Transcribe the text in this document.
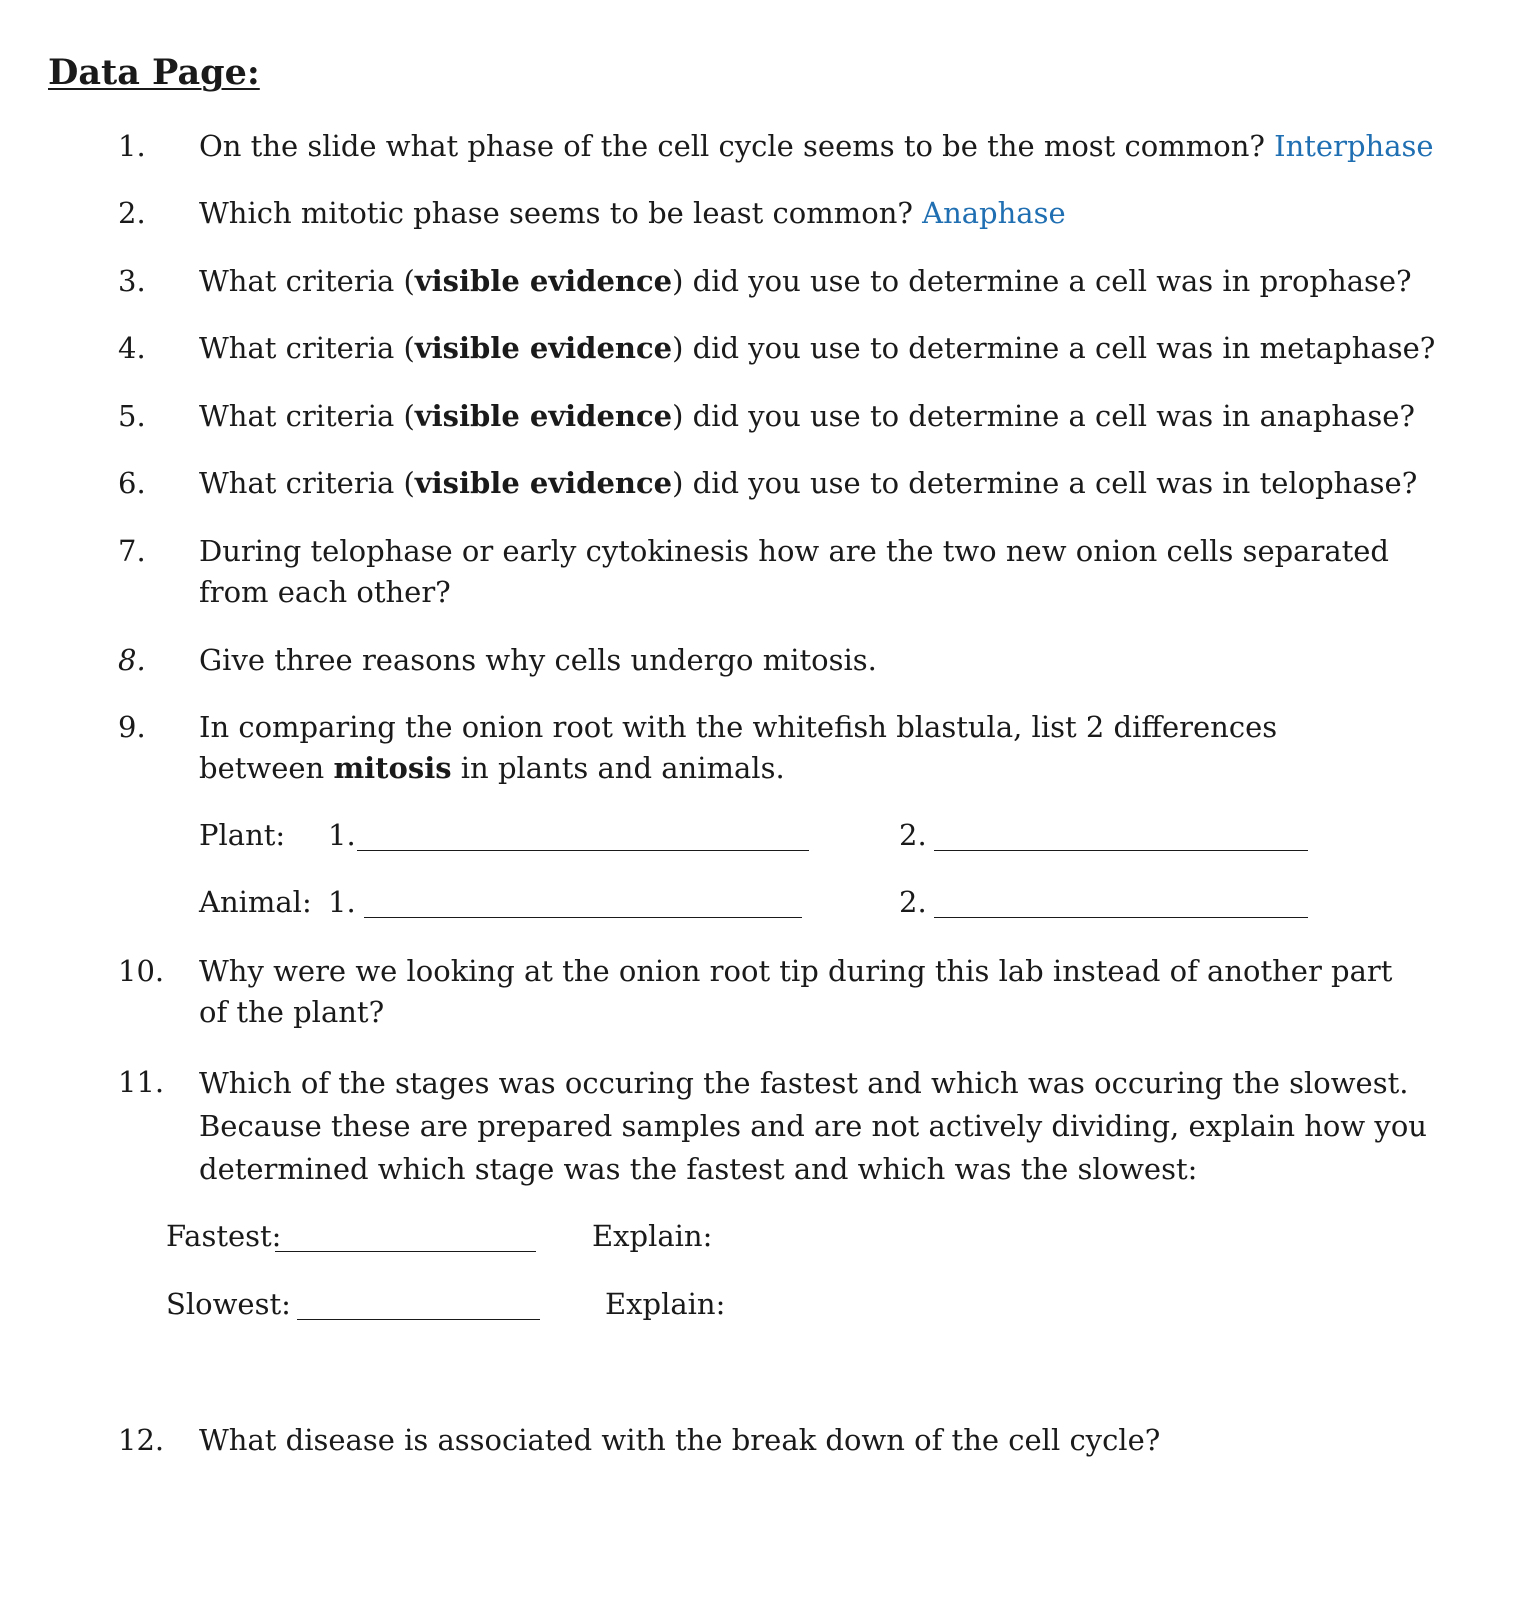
Data Page:
1. On the slide what phase of the cell cycle seems to be the most common? Interphase
2. Which mitotic phase seems to be least common? Anaphase
3. What criteria (visible evidence) did you use to determine a cell was in prophase?
4. What criteria (visible evidence) did you use to determine a cell was in metaphase?
5. What criteria (visible evidence) did you use to determine a cell was in anaphase?
6. What criteria (visible evidence) did you use to determine a cell was in telophase?
7. During telophase or early cytokinesis how are the two new onion cells separated from each other?
8. Give three reasons why cells undergo mitosis.
9. In comparing the onion root with the whitefish blastula, list 2 differences between mitosis in plants and animals.
Plant: 1.	2.
Animal: 1.	2.
10. Why were we looking at the onion root tip during this lab instead of another part of the plant?
11. Which of the stages was occuring the fastest and which was occuring the slowest. Because these are prepared samples and are not actively dividing, explain how you determined which stage was the fastest and which was the slowest:
Fastest:	Explain:
Slowest:	Explain:
12. What disease is associated with the break down of the cell cycle?
